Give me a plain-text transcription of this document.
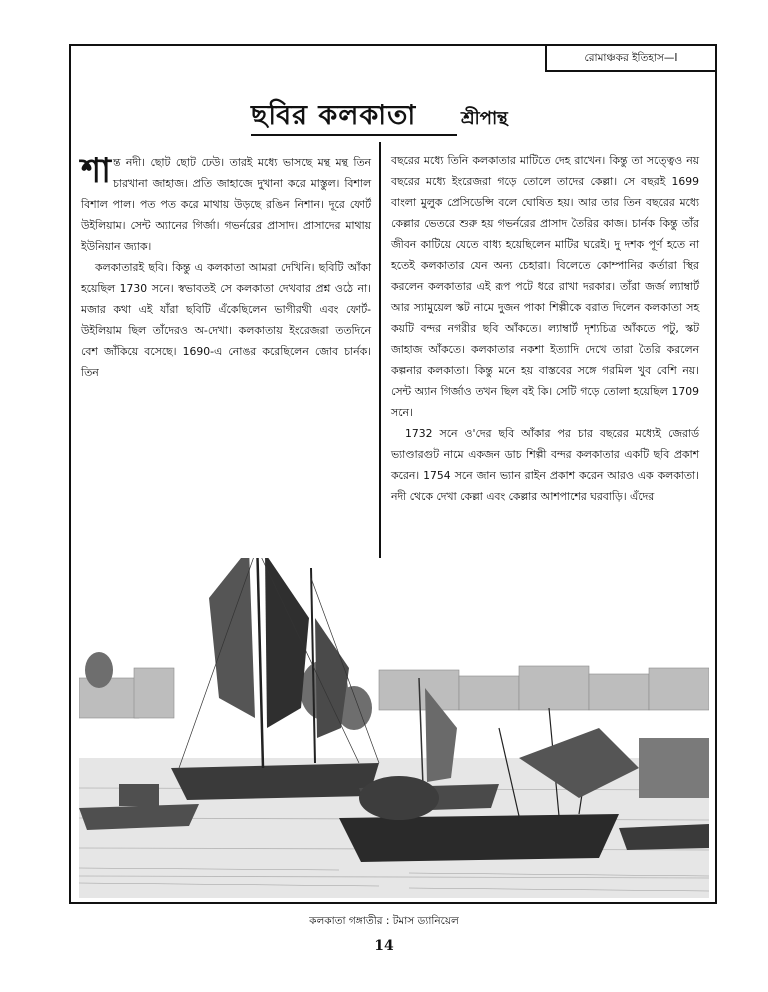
রোমাঞ্চকর ইতিহাস—I
ছবির কলকাতা শ্রীপান্থ

শান্ত নদী। ছোট ছোট ঢেউ। তারই মধ্যে ভাসছে মন্থ মন্থ তিন চারখানা জাহাজ। প্রতি জাহাজে দুখানা করে মাস্তুল। বিশাল বিশাল পাল। পত পত করে মাথায় উড়ছে রঙিন নিশান। দূরে ফোর্ট উইলিয়াম। সেন্ট অ্যানের গির্জা। গভর্নরের প্রাসাদ। প্রাসাদের মাথায় ইউনিয়ান জ্যাক।

কলকাতারই ছবি। কিন্তু এ কলকাতা আমরা দেখিনি। ছবিটি আঁকা হয়েছিল 1730 সনে। স্বভাবতই সে কলকাতা দেখবার প্রশ্ন ওঠে না। মজার কথা এই যাঁরা ছবিটি এঁকেছিলেন ভাগীরথী এবং ফোর্ট-উইলিয়াম ছিল তাঁদেরও অ-দেখা। কলকাতায় ইংরেজরা ততদিনে বেশ জাঁকিয়ে বসেছে। 1690-এ নোঙর করেছিলেন জোব চার্নক। তিন

বছরের মধ্যে তিনি কলকাতার মাটিতে দেহ রাখেন। কিন্তু তা সত্ত্বেও নয় বছরের মধ্যে ইংরেজরা গড়ে তোলে তাদের কেল্লা। সে বছরই 1699 বাংলা মুলুক প্রেসিডেন্সি বলে ঘোষিত হয়। আর তার তিন বছরের মধ্যে কেল্লার ভেতরে শুরু হয় গভর্নরের প্রাসাদ তৈরির কাজ। চার্নক কিন্তু তাঁর জীবন কাটিয়ে যেতে বাধ্য হয়েছিলেন মাটির ঘরেই। দু দশক পূর্ণ হতে না হতেই কলকাতার যেন অন্য চেহারা। বিলেতে কোম্পানির কর্তারা স্থির করলেন কলকাতার এই রূপ পটে ধরে রাখা দরকার। তাঁরা জর্জ ল্যাম্বার্ট আর স্যামুয়েল স্কট নামে দুজন পাকা শিল্পীকে বরাত দিলেন কলকাতা সহ কয়টি বন্দর নগরীর ছবি আঁকতে। ল্যাম্বার্ট দৃশ্যচিত্র আঁকতে পটু, স্কট জাহাজ আঁকতে। কলকাতার নকশা ইত্যাদি দেখে তারা তৈরি করলেন কল্পনার কলকাতা। কিন্তু মনে হয় বাস্তবের সঙ্গে গরমিল খুব বেশি নয়। সেন্ট অ্যান গির্জাও তখন ছিল বই কি। সেটি গড়ে তোলা হয়েছিল 1709 সনে।

1732 সনে ও'দের ছবি আঁকার পর চার বছরের মধ্যেই জেরার্ড ভ্যাণ্ডারগুট নামে একজন ডাচ শিল্পী বন্দর কলকাতার একটি ছবি প্রকাশ করেন। 1754 সনে জান ভ্যান রাইন প্রকাশ করেন আরও এক কলকাতা। নদী থেকে দেখা কেল্লা এবং কেল্লার আশপাশের ঘরবাড়ি। এঁদের

কলকাতা গঙ্গাতীর : টমাস ড্যানিয়েল
14
